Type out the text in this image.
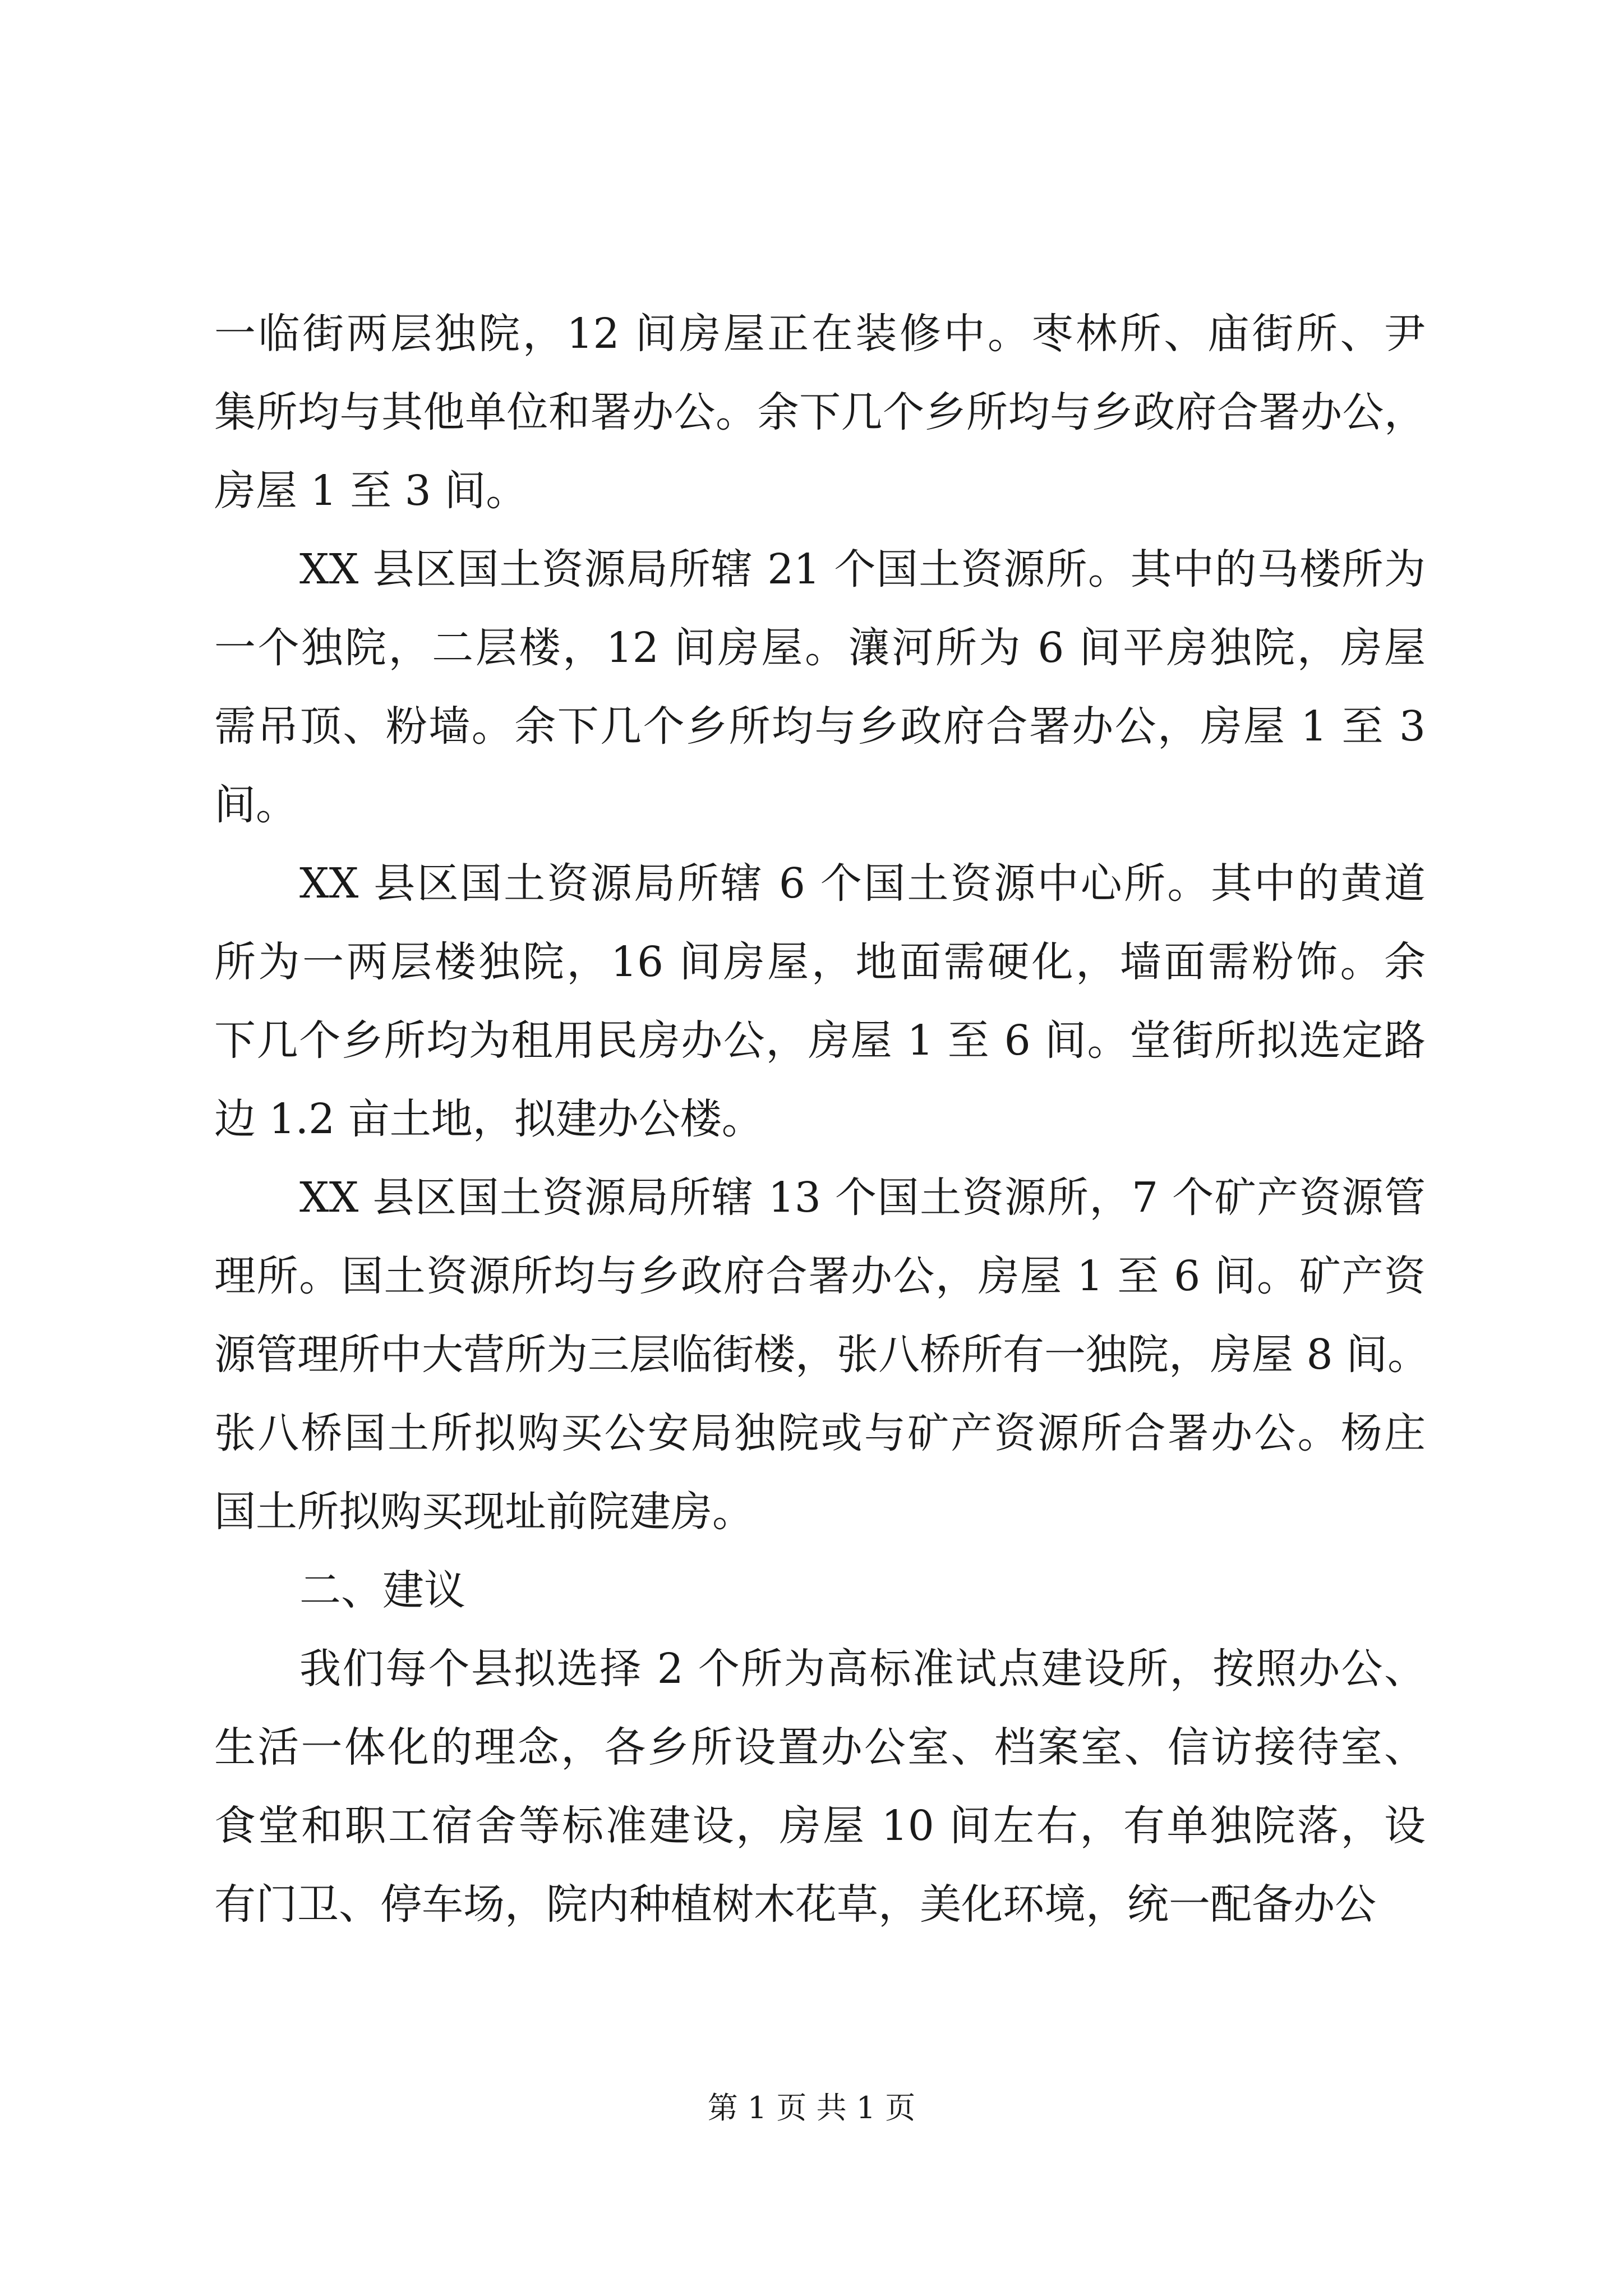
一临街两层独院，12 间房屋正在装修中。枣林所、庙街所、尹
集所均与其他单位和署办公。余下几个乡所均与乡政府合署办公，
房屋 1 至 3 间。
XX 县区国土资源局所辖 21 个国土资源所。其中的马楼所为
一个独院，二层楼，12 间房屋。瀼河所为 6 间平房独院，房屋
需吊顶、粉墙。余下几个乡所均与乡政府合署办公，房屋 1 至 3
间。
XX 县区国土资源局所辖 6 个国土资源中心所。其中的黄道
所为一两层楼独院，16 间房屋，地面需硬化，墙面需粉饰。余
下几个乡所均为租用民房办公，房屋 1 至 6 间。堂街所拟选定路
边 1.2 亩土地，拟建办公楼。
XX 县区国土资源局所辖 13 个国土资源所，7 个矿产资源管
理所。国土资源所均与乡政府合署办公，房屋 1 至 6 间。矿产资
源管理所中大营所为三层临街楼，张八桥所有一独院，房屋 8 间。
张八桥国土所拟购买公安局独院或与矿产资源所合署办公。杨庄
国土所拟购买现址前院建房。
二、建议
我们每个县拟选择 2 个所为高标准试点建设所，按照办公、
生活一体化的理念，各乡所设置办公室、档案室、信访接待室、
食堂和职工宿舍等标准建设，房屋 10 间左右，有单独院落，设
有门卫、停车场，院内种植树木花草，美化环境，统一配备办公
第 1 页 共 1 页
